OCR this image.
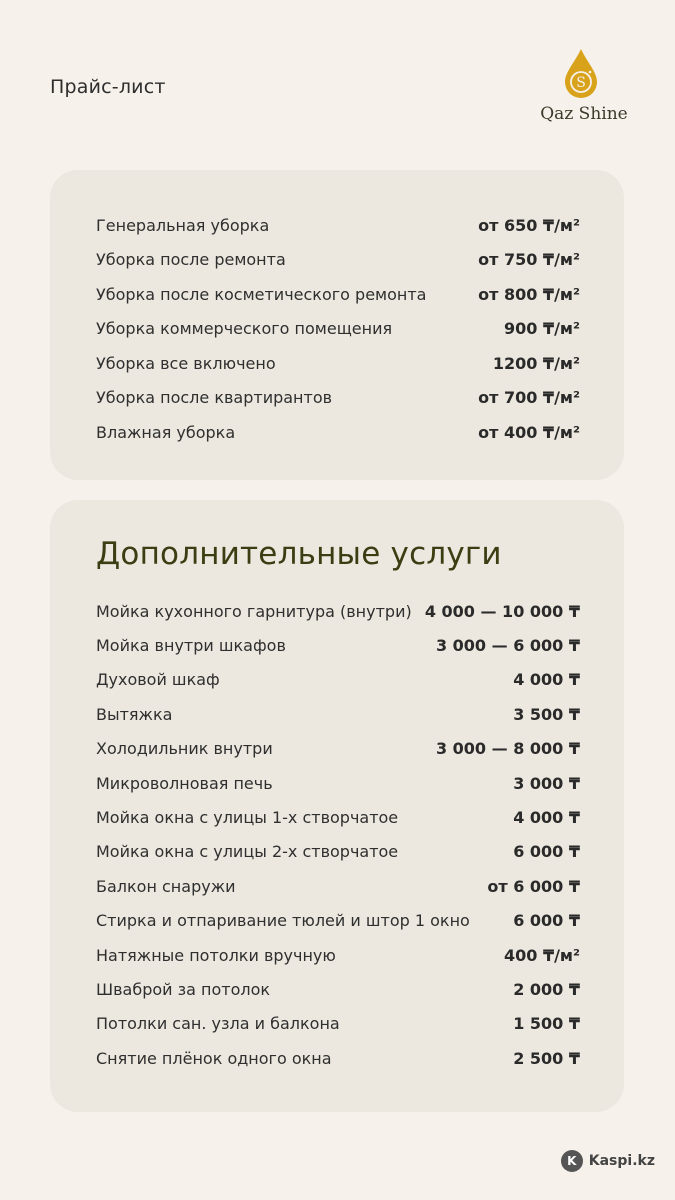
Прайс-лист	S
Qaz Shine
Генеральная уборка	от 650 ₸/м²
Уборка после ремонта	от 750 ₸/м²
Уборка после косметического ремонта	от 800 ₸/м²
Уборка коммерческого помещения	900 ₸/м²
Уборка все включено	1200 ₸/м²
Уборка после квартирантов	от 700 ₸/м²
Влажная уборка	от 400 ₸/м²
Дополнительные услуги
Мойка кухонного гарнитура (внутри) 4 000 — 10 000 ₸
Мойка внутри шкафов	3 000 — 6 000 ₸
Духовой шкаф	4 000 ₸
Вытяжка	3 500 ₸
Холодильник внутри	3 000 — 8 000 ₸
Микроволновая печь	3 000 ₸
Мойка окна с улицы 1-х створчатое	4 000 ₸
Мойка окна с улицы 2-х створчатое	6 000 ₸
Балкон снаружи	от 6 000 ₸
Стирка и отпаривание тюлей и штор 1 окно	6 000 ₸
Натяжные потолки вручную	400 ₸/м²
Шваброй за потолок	2 000 ₸
Потолки сан. узла и балкона	1 500 ₸
Снятие плёнок одного окна	2 500 ₸
K Kaspi.kz
